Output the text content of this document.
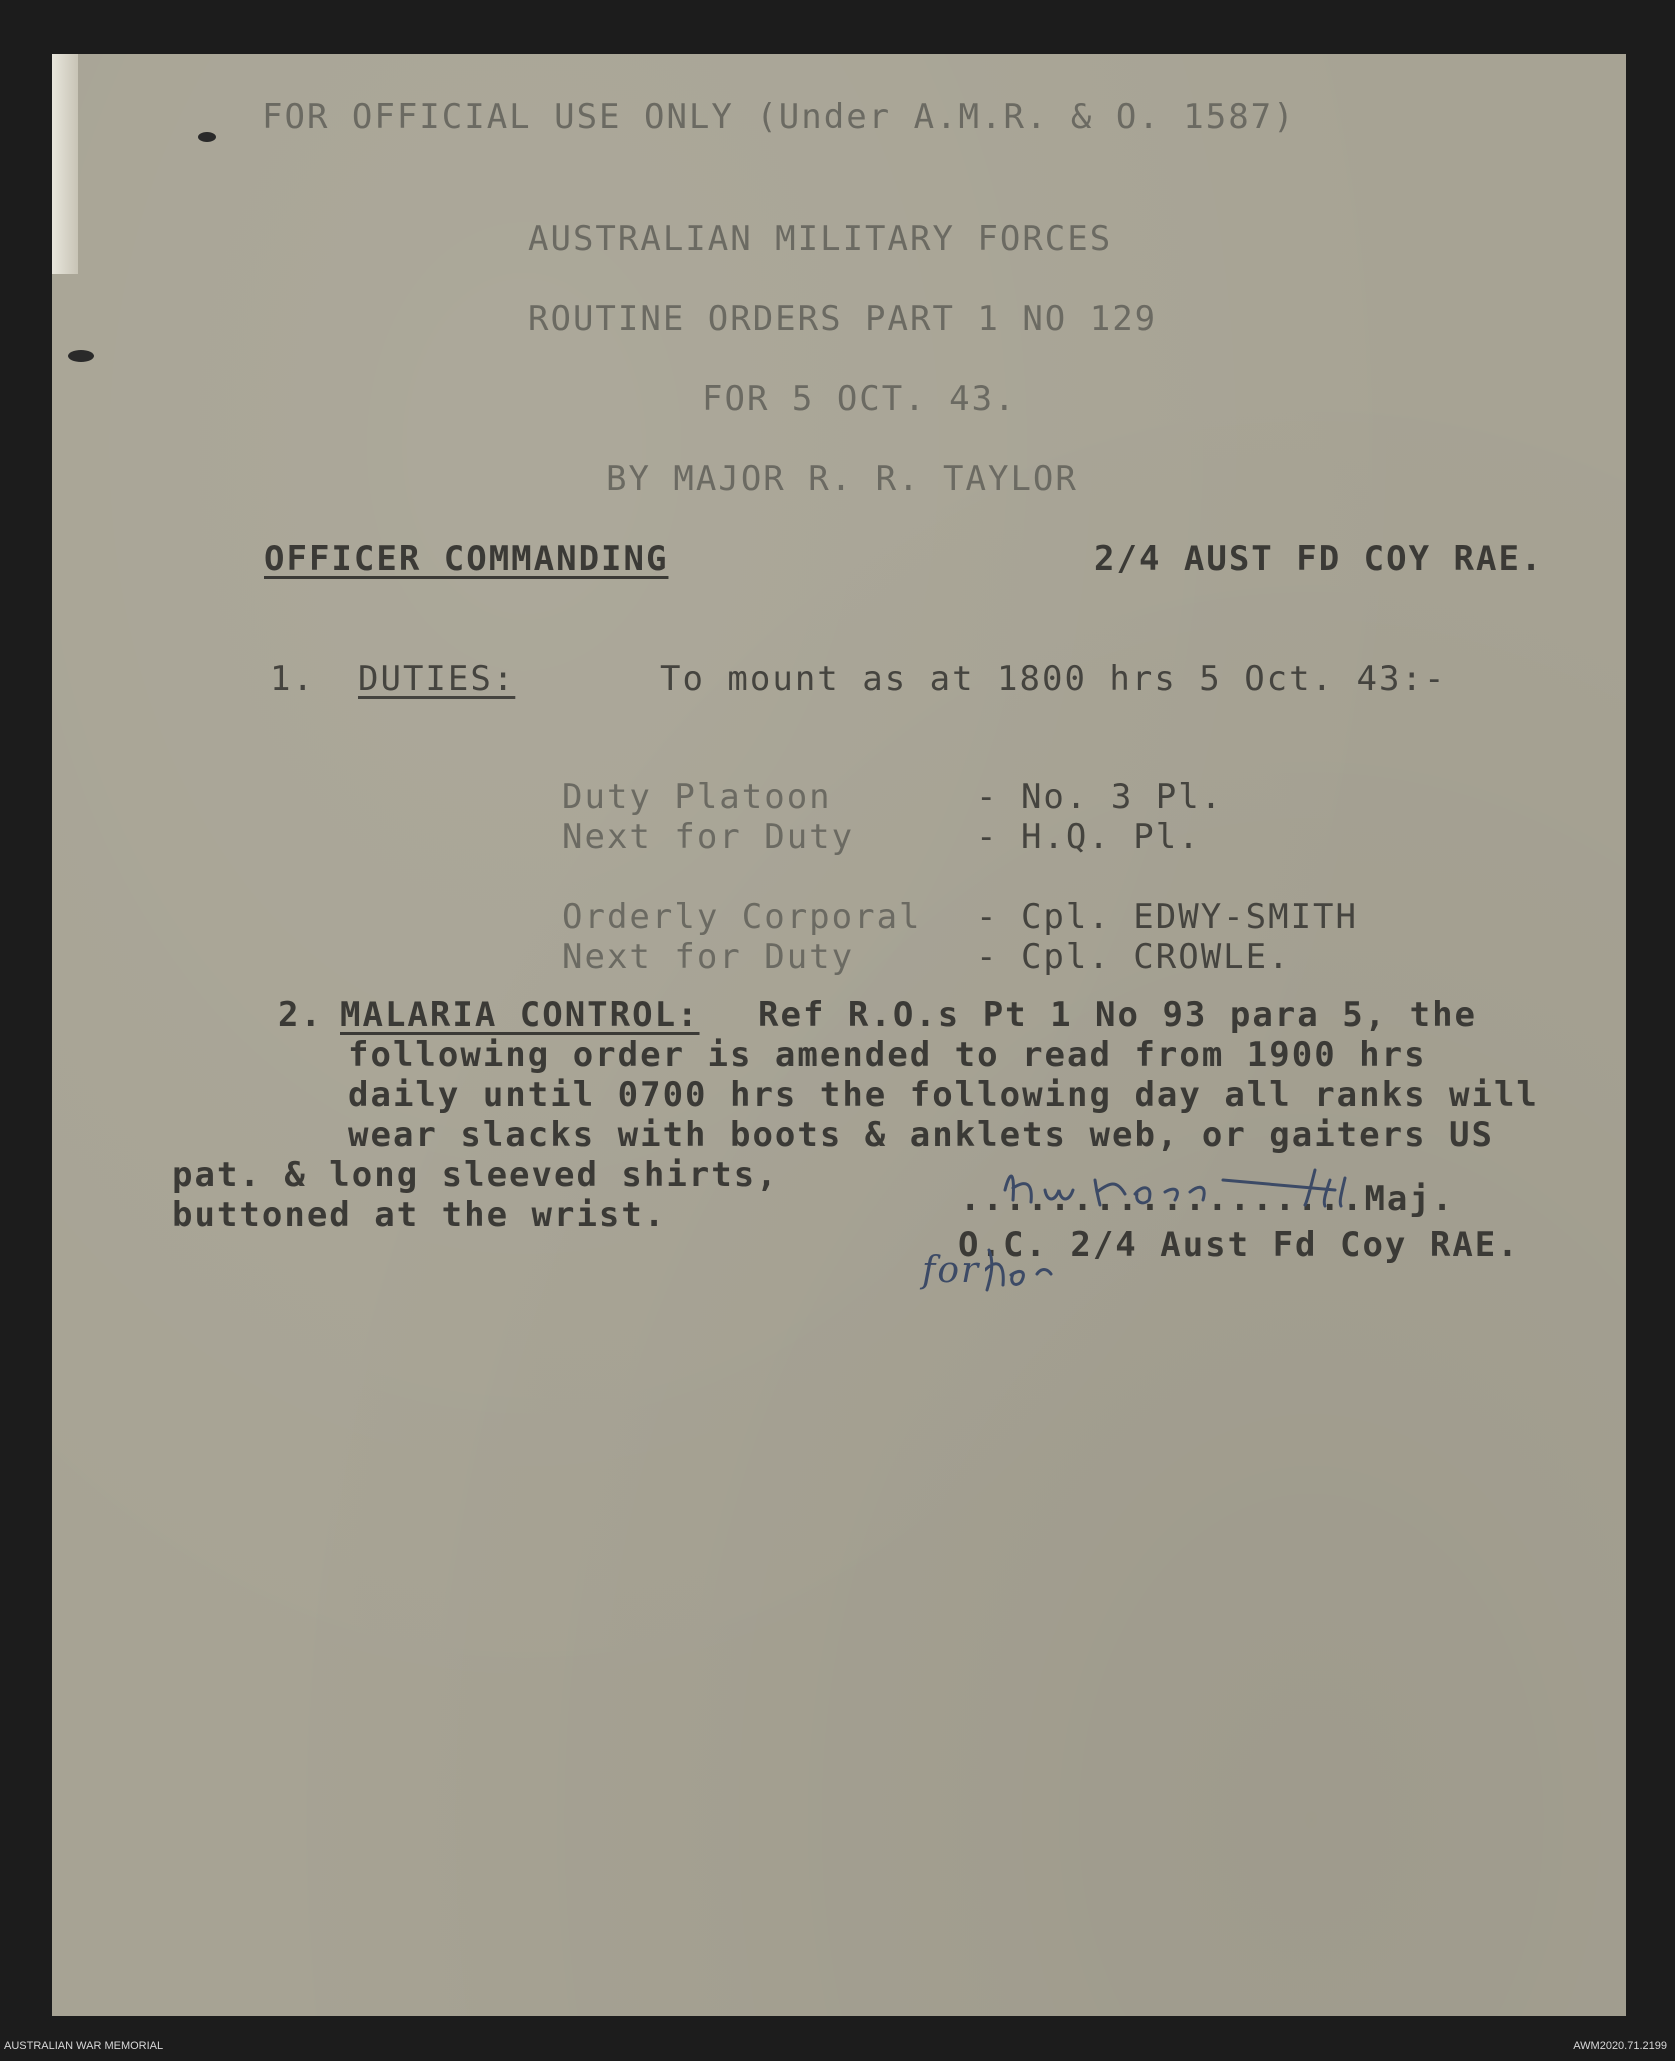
FOR OFFICIAL USE ONLY (Under A.M.R. & O. 1587)
AUSTRALIAN MILITARY FORCES
ROUTINE ORDERS PART 1 NO 129
FOR 5 OCT. 43.
BY MAJOR R. R. TAYLOR
OFFICER COMMANDING	2/4 AUST FD COY RAE.
1. DUTIES:	To mount as at 1800 hrs 5 Oct. 43:-
Duty Platoon	- No. 3 Pl.
Next for Duty	- H.Q. Pl.
Orderly Corporal - Cpl. EDWY-SMITH
Next for Duty	- Cpl. CROWLE.
2. MALARIA CONTROL: Ref R.O.s Pt 1 No 93 para 5, the
following order is amended to read from 1900 hrs
daily until 0700 hrs the following day all ranks will
wear slacks with boots & anklets web, or gaiters US
pat. & long sleeved shirts,
buttoned at the wrist.	..................Maj.
O.C. 2/4 Aust Fd Coy RAE.
for
AUSTRALIAN WAR MEMORIAL	AWM2020.71.2199
